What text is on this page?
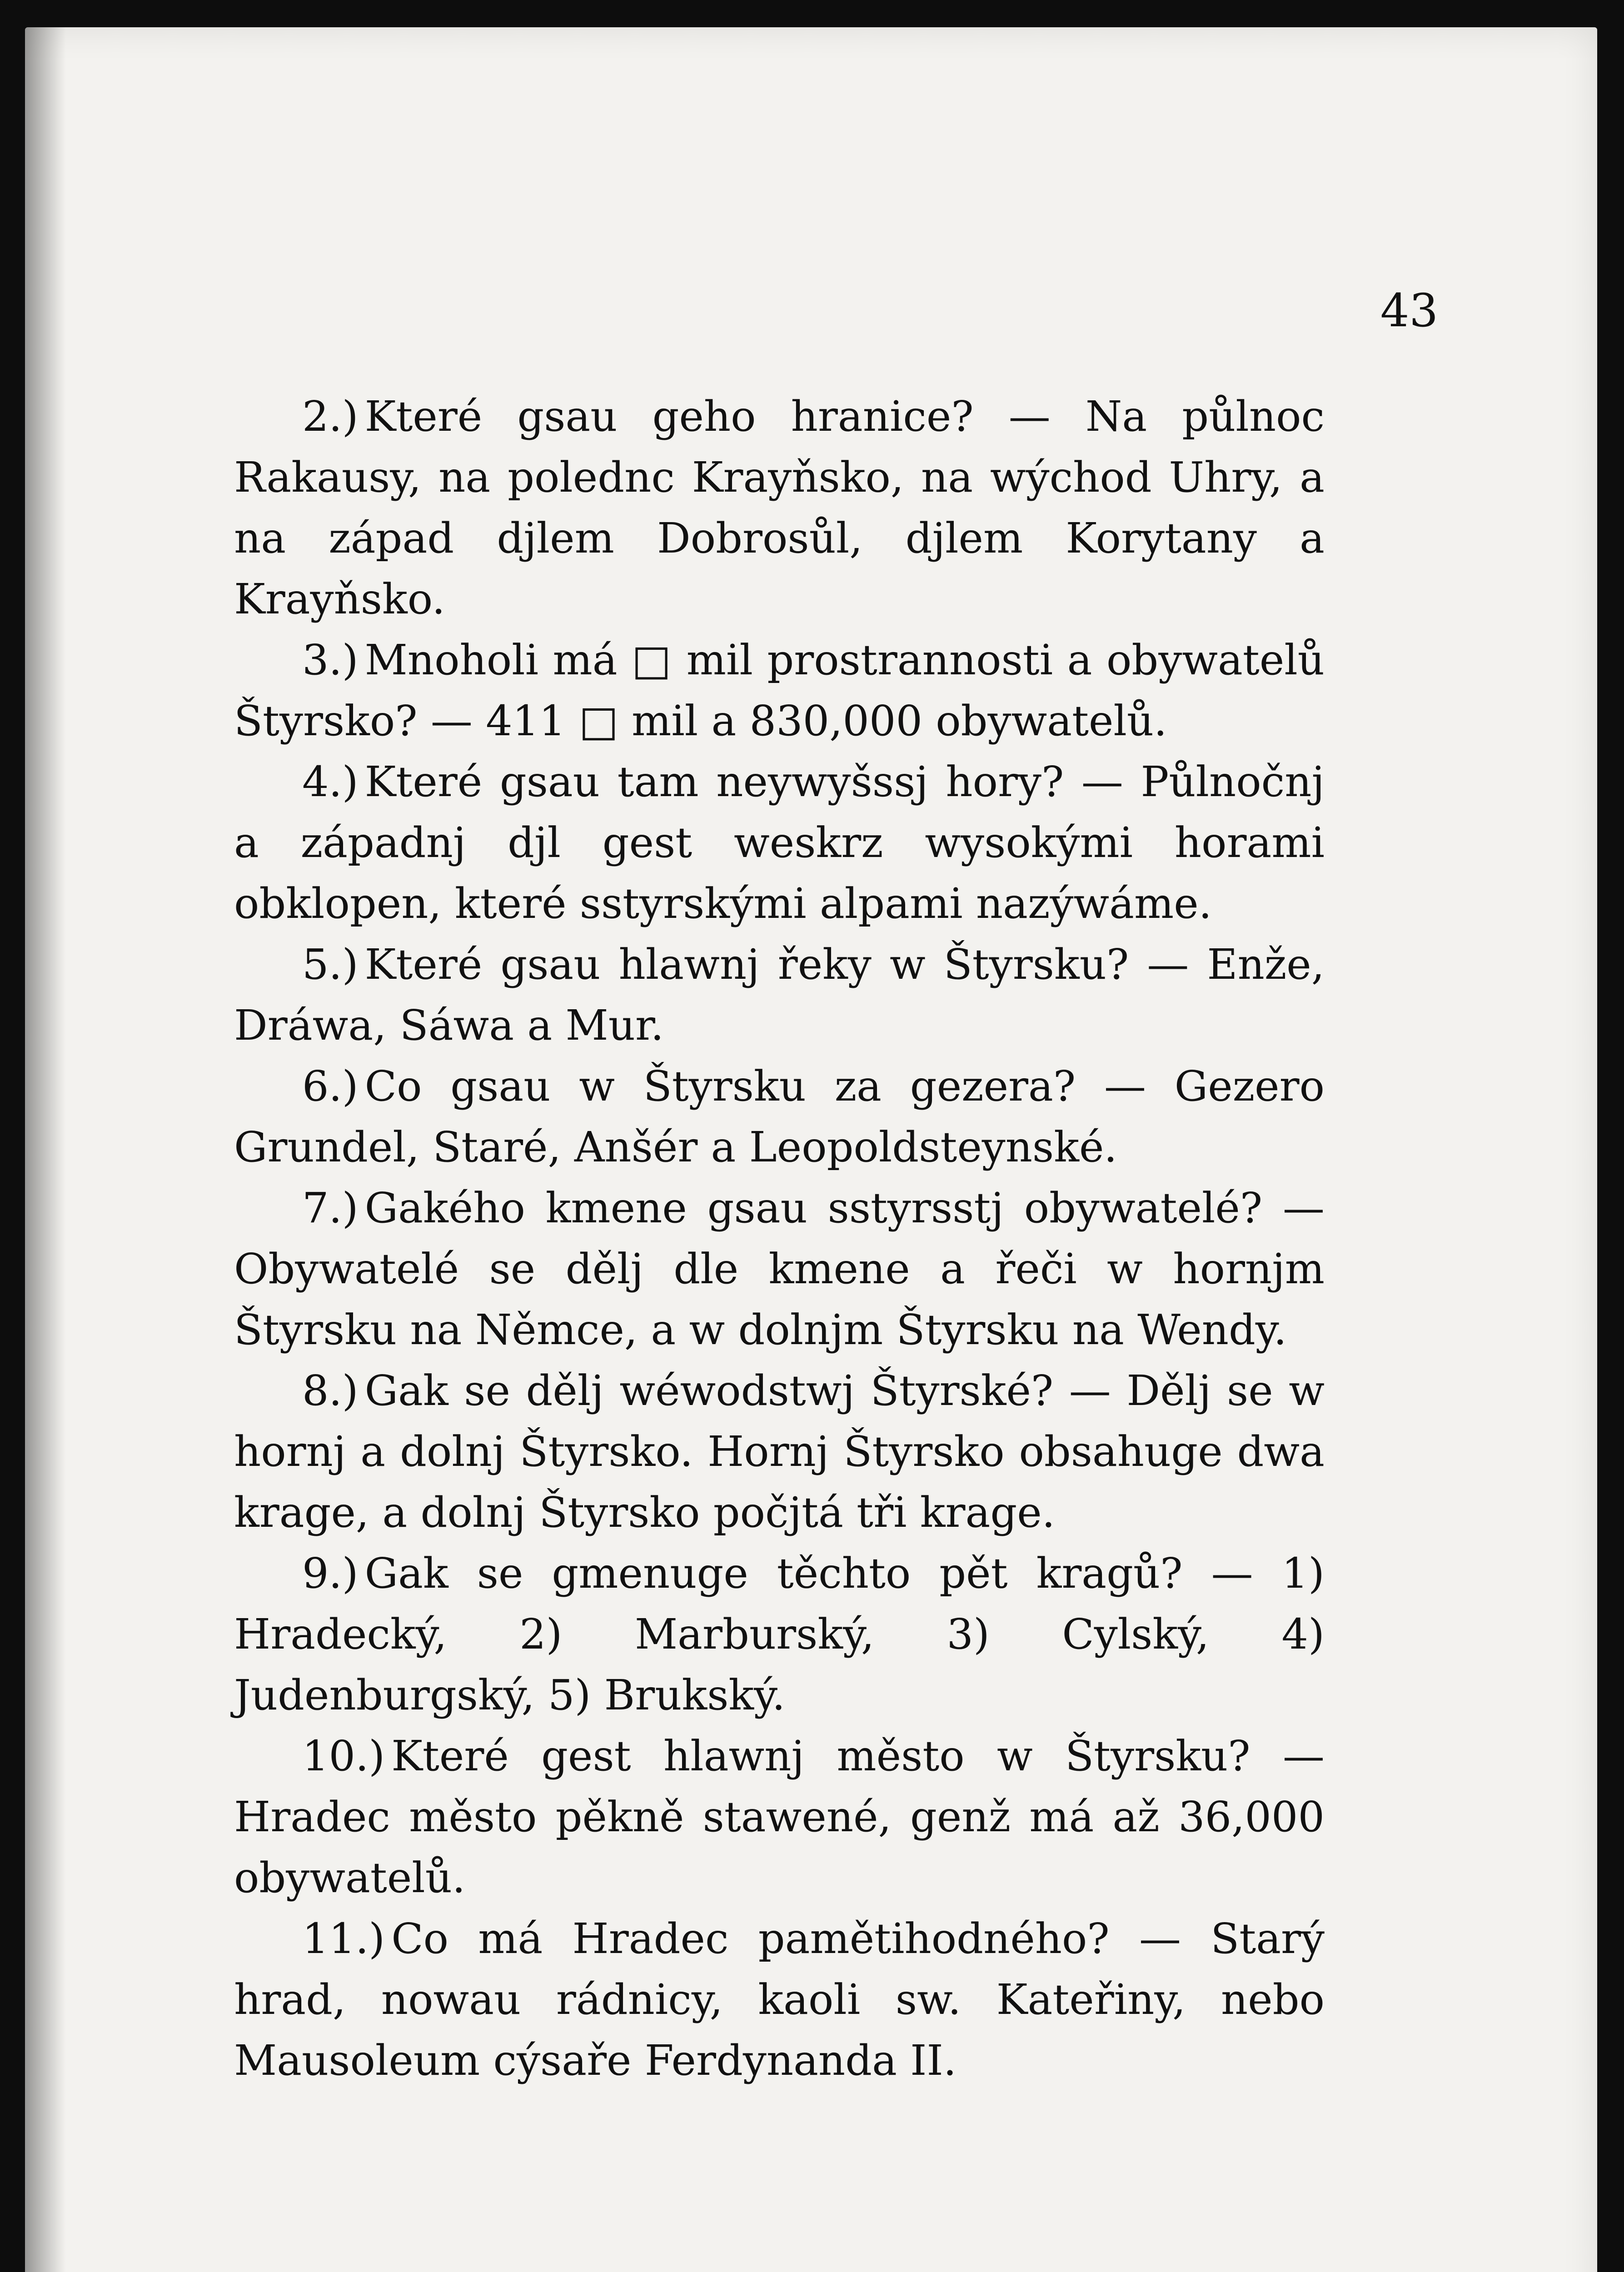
43

2.) Které gsau geho hranice? — Na půlnoc Rakausy, na polednc Krayňsko, na wýchod Uhry, a na západ djlem Dobrosůl, djlem Korytany a Krayňsko.

3.) Mnoholi má □ mil prostrannosti a obywatelů Štyrsko? — 411 □ mil a 830,000 obywatelů.

4.) Které gsau tam neywyšssj hory? — Půlnočnj a západnj djl gest weskrz wysokými horami obklopen, které sstyrskými alpami nazýwáme.

5.) Které gsau hlawnj řeky w Štyrsku? — Enže, Dráwa, Sáwa a Mur.

6.) Co gsau w Štyrsku za gezera? — Gezero Grundel, Staré, Anšér a Leopoldsteynské.

7.) Gakého kmene gsau sstyrsstj obywatelé? — Obywatelé se dělj dle kmene a řeči w hornjm Štyrsku na Němce, a w dolnjm Štyrsku na Wendy.

8.) Gak se dělj wéwodstwj Štyrské? — Dělj se w hornj a dolnj Štyrsko. Hornj Štyrsko obsahuge dwa krage, a dolnj Štyrsko počjtá tři krage.

9.) Gak se gmenuge těchto pět kragů? — 1) Hradecký, 2) Marburský, 3) Cylský, 4) Judenburgský, 5) Brukský.

10.) Které gest hlawnj město w Štyrsku? — Hradec město pěkně stawené, genž má až 36,000 obywatelů.

11.) Co má Hradec pamětihodného? — Starý hrad, nowau rádnicy, kaoli sw. Kateřiny, nebo Mausoleum cýsaře Ferdynanda II.
